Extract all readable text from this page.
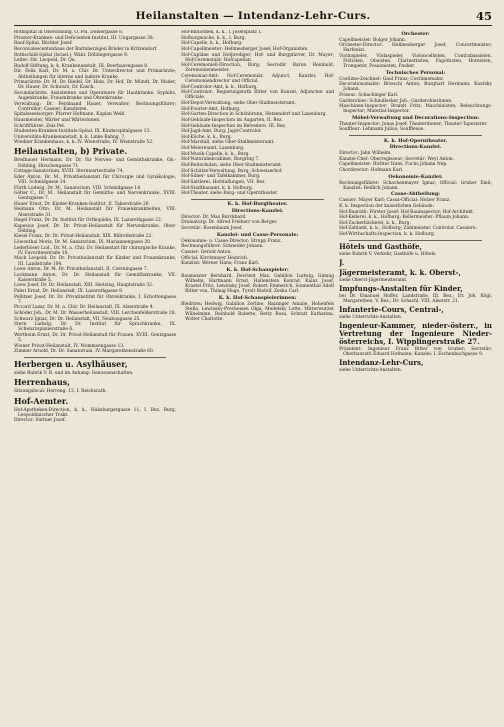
Heilanstalten — Intendanz-Lehr-Curs.	45
Rothspital in Oberdöbling, O. Pöl. Döblergasse 8.
Priester-Kranken- und Deficienten-Institut, III. Ungargasse 38.
Rauf-Spital, Büchler Josef.
Reconvalescentenhaus der Barmherzigen Brüder in Kritzendorf.
Rothschild-Spital (Israel.), Währ. Döblingergasse 9.
Leiter: Dir. Leopold, Dr. Qu.
Rudolf-Stiftung, k. k. Krankenanstalt, III. Boerhaavegasse 8.
Dir. Felix Karl, Dr. M. a. Chir. Dr. Unterdirector und Primarärzte; Abtheilungen für interne und äußere Kranke.
Primarärzte: Dr. M. Dr. Riedel, Dr. Hein, Dr. Hof, Dr. Mündt, Dr. Mader, Dr. Hauer, Dr. Schwarz, Dr. Kasch.
Secundarärzte, Assistenten und Operateure für Hautkranke, Syphilis, Augenkranke, Frauenkranke und Ohrenkranke.
Verwaltung: Dr. Ferdinand Hauer, Verwalter; Rechnungsführer; Controllor; Cassier; Kanzlisten.
Spitalsseelsorger: Pfarrer Hofmann, Kaplan Weiß.
Hausmeister, Wärter und Wärterinnen.
Schriftführer: Zeis Pet.
Studenten-Kranken-Instituts-Spital, IX. Kinderspitalgasse 13.
Universitäts-Krankenanstalt, k. k. Linke Bahng. 7.
Wiedner Krankenhaus, k. k. IV. Wienstraße, IV. Wienstraße 52.
Heilanstalten, b) Private.
Bredhauer Hermann, Dr. Dr. für Nerven- und Gemüthskranke, Ob.-Döbling, Hirschengasse 71.
Cottage-Sanatorium, XVIII. Sternwartestraße 74.
Eder Anton, Dr. M., Privatheilanstalt für Chirurgie und Gynäkologie, VIII. Schmidgasse 14.
Fürth Ludwig, Dr. M., Sanatorium, VIII. Schmidgasse 14.
Gölter C., Dr. M., Heilanstalt für Gemüths- und Nervenkranke, XVIII. Gentzgasse 7.
Hauer Ernst, Dr. Kinder-Kranken-Institut, II. Taborstraße 20.
Heimann Otto, Dr. M. Heilanstalt für Frauenkrankheiten, VIII. Alserstraße 31.
Hegel Franz, Dr. Dr. Institut für Orthopädie, IX. Lazarethgasse 22.
Kapesius Josef, Dr. Dr. Privat-Heilanstalt für Nervenkranke, Ober-Döbling.
Kiesel Franz, Dr. Dr. Privat-Heilanstalt, XIX. Billrothstraße 22.
Löwenthal Moriz, Dr. M. Sanatorium, IX. Mariannengasse 20.
Lederhöser Lud., Dr. M. a. Chir. Dr. Heilanstalt für chirurgische Kranke, IV. Favoritenstraße 16.
Mack Leopold, Dr. Dr. Privatheilanstalt für Kinder und Frauenkranke, III. Landstraße 104.
Loew Anton, Dr. M. Dr. Privatheilanstalt, II. Czerningasse 7.
Luckmann Anton, Dr. Dr. Heilanstalt für Gemüthskranke, VII. Kaiserstraße 5.
Loew Josef, Dr. Dr. Heilanstalt, XIII. Hietzing, Hauptstraße 32.
Pabst Ernst, Dr. Heilanstalt, IX. Lazarethgasse 9.
Pollitzer Josef, Dr. Dr. Privatinstitut für Ohrenkranke, I. Schottengasse 7.
Piccard Lazar, Dr. M. a. Chir. Dr. Heilanstalt, IX. Alserstraße 4.
Schöder Joh., Dr. M. Dr. Wasserheilanstalt, VIII. Lerchenfelderstraße 28.
Schwarz Ignaz, Dr. Dr. Heilanstalt, VII. Neubaugasse 25.
Stern Ludwig, Dr. Dr. Institut für Sprachkranke, IX. Schwarzspanierstraße 6.
Wertheim Ernst, Dr. Dr. Privat-Heilanstalt für Frauen, XVIII. Gentzgasse 5.
Wiener Privat-Heilanstalt, IV. Mommsengasse 13.
Zimmer Arnold, Dr. Dr. Sanatorium, IV. Margarethenstraße 60.
Herbergen u. Asylhäuser,
siehe Rubrik V. B. und im Anhang: Genossenschaften.
Herrenhaus,
Sitzungslocal: Herreng. 13, I. Reichsrath.
Hof-Aemter.
Hof-Apotheken-Direction, k. k., Habsburgergasse 11, I. Bez. Burg, Leopoldinischer Trakt.
Director: Suttner Josef.
Hof-Bibliothek, k. k., I. Josefsplatz 1.
Hofburgwache, k. k., I. Burg.
Hof-Capelle, k. k., Hofburg.
Hof-Capellmeister: Hellmesberger Josef; Hof-Organisten.
Hof-Capläne und Hofprediger; Hof- und Burgpfarrer, Dr. Mayer; Hof-Ceremoniär; Hofcapellan.
Hof-Ceremoniell-Direction, Burg; Secretär Baron Reinhold, Zeremonienmeister.
Ceremonial-Amt: Hof-Ceremoniär, Adjunct, Kanzlei; Hof-Ceremoniendirector und Official.
Hof-Controlor-Amt, k. k., Hofburg.
Hof-Controlor: Regierungsrath Ritter von Kunzel, Adjuncten und Officiale.
Hof-Depot-Verwaltung, siehe Ober-Stallmeisteramt.
Hof-Fourier-Amt, Hofburg.
Hof-Garten-Direction in Schönbrunn, Hetzendorf und Laxenburg.
Hof-Gebäude-Inspection im Augarten, II. Bez.
Hof-Gebäude-Inspection im Belvedere, III. Bez.
Hof-Jagd-Amt, Burg; Jagd-Controlor.
Hof-Küche, k. k., Burg.
Hof-Marstall, siehe Ober-Stallmeisteramt.
Hof-Meiereiamt, Laxenburg.
Hof-Musik-Capelle, k. k., Burg.
Hof-Naturaliencabinet, Burgring 7.
Hof-Reitschulen, siehe Ober-Stallmeisteramt.
Hof-Schätze-Verwaltung, Burg, Schweizerhof.
Hof-Silber- und Tafelkammer, Burg.
Hof-Sattlerei, Hofstallungen, VII. Bez.
Hof-Stadtbauamt, k. k. Hofburg.
Hof-Theater, siehe Burg- und Operntheater.
K. k. Hof-Burgtheater.
Directions-Kanzlei.
Director: Dr. Max Burckhard.
Dramaturg: Dr. Alfred Freiherr von Berger.
Secretär: Rosenbaum Josef.
Kanzlei- und Casse-Personale:
Oekonomie- u. Casse-Director: Strupp Franz.
Rechnungsführer: Schneider Johann.
Cassier: Gerold Anton.
Official: Kirchmayer Heinrich.
Kanzlist: Werner Hans; Franz Karl.
K. k. Hof-Schauspieler:
Baumeister Bernhard, Devrient Max, Gabillon Ludwig, Gimnig Wilhelm, Hartmann Ernst, Hallenstein Konrad, Kainz Josef, Krastel Fritz, Lewinsky Josef, Robert Emmerich, Sonnenthal Adolf Ritter von, Thimig Hugo, Tyrolt Rudolf, Zeska Carl.
K. k. Hof-Schauspielerinnen:
Bleibtreu Hedwig, Gabillon Zerline, Haizinger Amalie, Hohenfels Stella, Lewinsky-Precheisen Olga, Medelsky Lotte, Mitterwurzer Wilhelmine, Reinhold Babette, Retty Rosa, Schratt Katharina, Wolter Charlotte.
Orchester:
Capellmeister: Bolger Johann.
Orchester-Director: Hellmesberger Josef; Concertmeister; Harfenist.
Violinspieler, Violaspieler, Violoncellisten, Contrabassisten, Flötisten, Oboisten, Clarinettisten, Fagottisten, Hornisten, Trompeter, Posaunisten, Pauker.
Technisches Personal:
Costüme-Zeichner: Gaul Franz; Costümemaler.
Decorationsmaler: Brioschi Anton; Burghart Hermann; Kautsky Johann.
Friseur: Schachinger Karl.
Garderobier: Schindlecker Joh.; Garderobierinnen.
Maschinen-Inspector: Brandt Fritz; Maschinisten; Beleuchtungs-Inspector; Material-Inspector.
Möbel-Verwaltung und Decorations-Inspection:
Theater-Inspector: Jonas Josef; Theaterdiener; Theater-Tapezierer.
Souffleur: Lehmann Julius; Souffleuse.
K. k. Hof-Operntheater.
Directions-Kanzlei.
Director: Jahn Wilhelm.
Kanzlei-Chef: Oberregisseur; Secretär: Weyl Anton.
Capellmeister: Richter Hans, Fuchs Johann Nep.
Chordirector: Hofmann Karl.
Oekonomie-Kanzlei:
Rechnungsführer: Schachenmayer Ignaz; Official: Gruber Emil; Kanzlist: Redlich Johann.
Casse-Abtheilung:
Cassier: Mayer Karl; Cassa-Official: Holzer Franz.
K. k. Inspection der kaiserlichen Gebäude:
Hof-Baurath: Förster Josef; Hof-Bauinspector; Hof-Architekt.
Hof-Kellerei, k. k., Hofburg; Kellermeister: Pflaum Johann.
Hof-Zuckerbäckerei, k. k., Burg.
Hof-Zahlamt, k. k., Hofburg; Zahlmeister, Controlor, Cassiere.
Hof-Wirthschafts-Inspection, k. k. Hofburg.
Hôtels und Gasthöfe,
siehe Rubrik V. Verkehr, Gasthöfe u. Hôtels.
J.
Jägermeisteramt, k. k. Oberst-,
siehe Oberst-Jägermeisteramt.
Impfungs-Anstalten für Kinder,
bei Dr. Emanuel Hoffer, Landstraße, III. Bez.; Dr. Joh. Kögl, Margarethen, V. Bez.; Dr. Schachl, VIII. Alserstr. 21.
Infanterie-Cours, Central-,
siehe Unterrichts-Anstalten.
Ingenieur-Kammer, nieder-österr., in Vertretung der Ingenieure Nieder-österreichs, I. Wipplingerstraße 27.
Präsident: Ingenieur Franz Ritter von Gruber; Secretär: Oberbaurath Eduard Hofmann; Kanzlei: I. Eschenbachgasse 9.
Intendanz-Lehr-Curs,
siehe Unterrichts-Anstalten.
